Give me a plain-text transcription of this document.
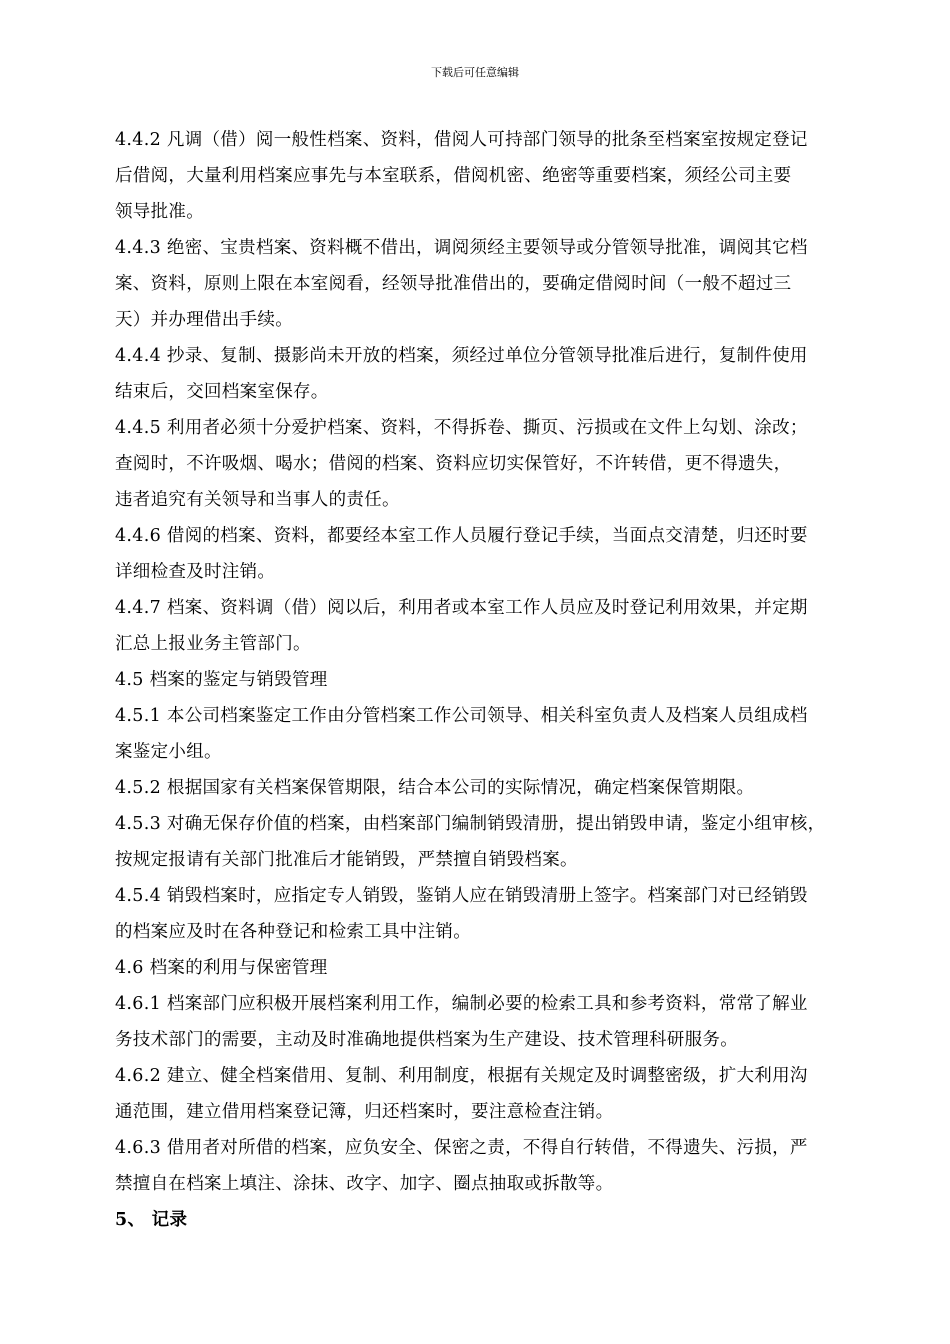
下载后可任意编辑
4.4.2 凡调（借）阅一般性档案、资料，借阅人可持部门领导的批条至档案室按规定登记
后借阅，大量利用档案应事先与本室联系，借阅机密、绝密等重要档案，须经公司主要
领导批准。
4.4.3 绝密、宝贵档案、资料概不借出，调阅须经主要领导或分管领导批准，调阅其它档
案、资料，原则上限在本室阅看，经领导批准借出的，要确定借阅时间（一般不超过三
天）并办理借出手续。
4.4.4 抄录、复制、摄影尚未开放的档案，须经过单位分管领导批准后进行，复制件使用
结束后，交回档案室保存。
4.4.5 利用者必须十分爱护档案、资料，不得拆卷、撕页、污损或在文件上勾划、涂改；
查阅时，不许吸烟、喝水；借阅的档案、资料应切实保管好，不许转借，更不得遗失，
违者追究有关领导和当事人的责任。
4.4.6 借阅的档案、资料，都要经本室工作人员履行登记手续，当面点交清楚，归还时要
详细检查及时注销。
4.4.7 档案、资料调（借）阅以后，利用者或本室工作人员应及时登记利用效果，并定期
汇总上报业务主管部门。
4.5 档案的鉴定与销毁管理
4.5.1 本公司档案鉴定工作由分管档案工作公司领导、相关科室负责人及档案人员组成档
案鉴定小组。
4.5.2 根据国家有关档案保管期限，结合本公司的实际情况，确定档案保管期限。
4.5.3 对确无保存价值的档案，由档案部门编制销毁清册，提出销毁申请，鉴定小组审核，
按规定报请有关部门批准后才能销毁，严禁擅自销毁档案。
4.5.4 销毁档案时，应指定专人销毁，鉴销人应在销毁清册上签字。档案部门对已经销毁
的档案应及时在各种登记和检索工具中注销。
4.6 档案的利用与保密管理
4.6.1 档案部门应积极开展档案利用工作，编制必要的检索工具和参考资料，常常了解业
务技术部门的需要，主动及时准确地提供档案为生产建设、技术管理科研服务。
4.6.2 建立、健全档案借用、复制、利用制度，根据有关规定及时调整密级，扩大利用沟
通范围，建立借用档案登记簿，归还档案时，要注意检查注销。
4.6.3 借用者对所借的档案，应负安全、保密之责，不得自行转借，不得遗失、污损，严
禁擅自在档案上填注、涂抹、改字、加字、圈点抽取或拆散等。
5、 记录
